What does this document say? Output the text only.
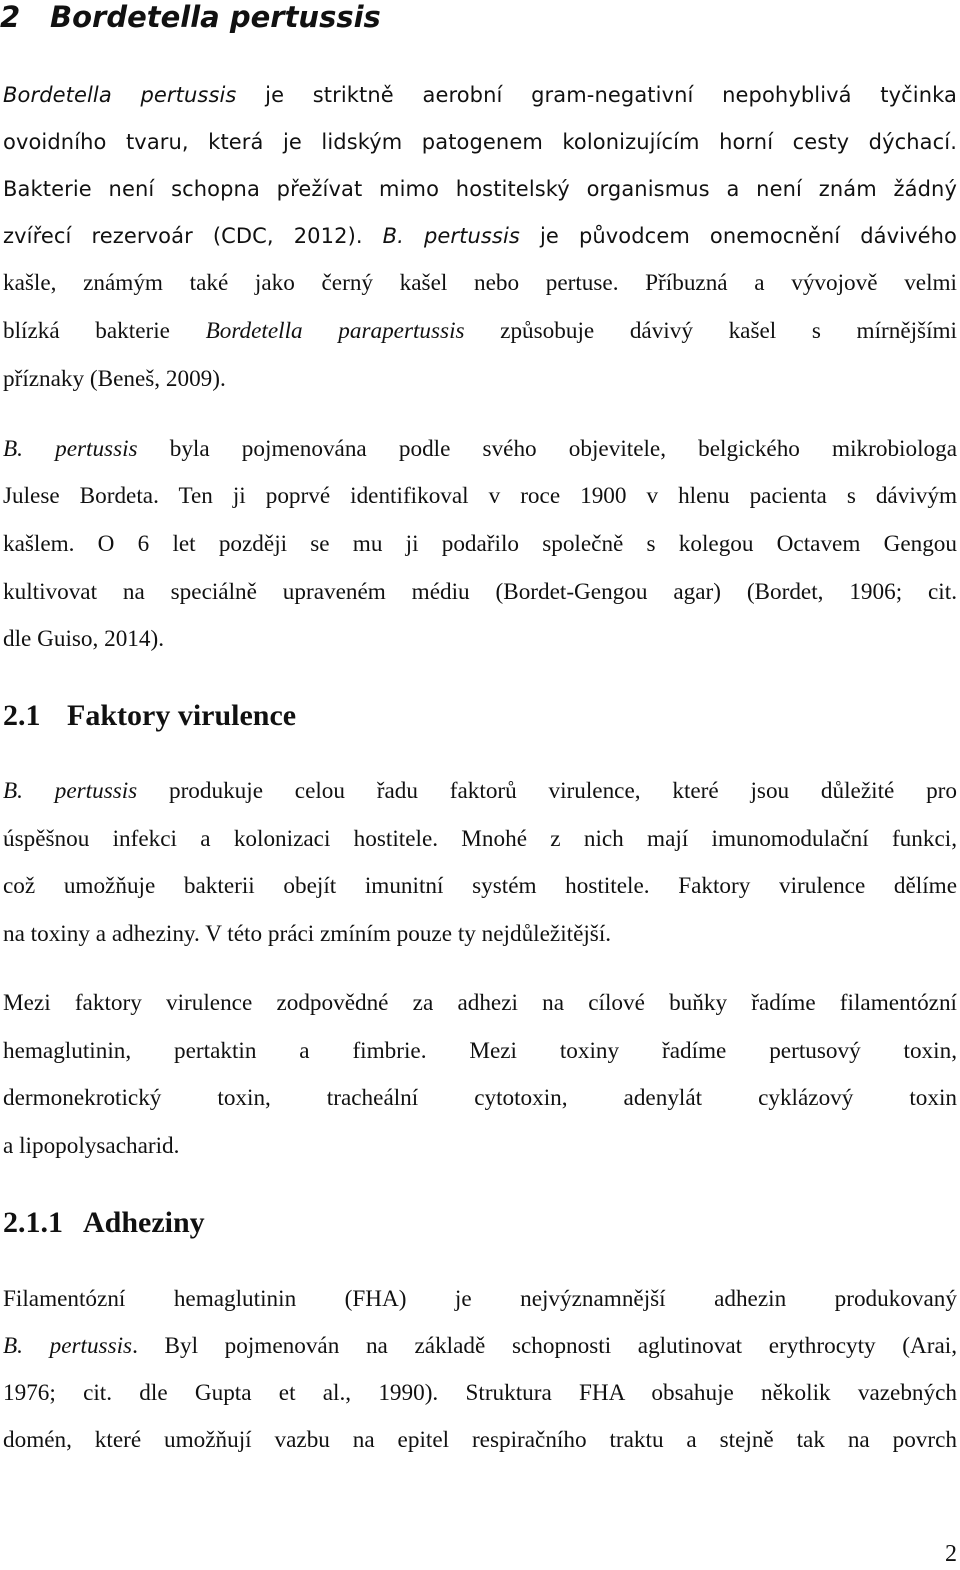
2 Bordetella pertussis
Bordetella pertussis je striktně aerobní gram-negativní nepohyblivá tyčinka
ovoidního tvaru, která je lidským patogenem kolonizujícím horní cesty dýchací.
Bakterie není schopna přežívat mimo hostitelský organismus a není znám žádný
zvířecí rezervoár (CDC, 2012). B. pertussis je původcem onemocnění dávivého
kašle, známým také jako černý kašel nebo pertuse. Příbuzná a vývojově velmi
blízká bakterie Bordetella parapertussis způsobuje dávivý kašel s mírnějšími
příznaky (Beneš, 2009).
B. pertussis byla pojmenována podle svého objevitele, belgického mikrobiologa
Julese Bordeta. Ten ji poprvé identifikoval v roce 1900 v hlenu pacienta s dávivým
kašlem. O 6 let později se mu ji podařilo společně s kolegou Octavem Gengou
kultivovat na speciálně upraveném médiu (Bordet-Gengou agar) (Bordet, 1906; cit.
dle Guiso, 2014).
2.1 Faktory virulence
B. pertussis produkuje celou řadu faktorů virulence, které jsou důležité pro
úspěšnou infekci a kolonizaci hostitele. Mnohé z nich mají imunomodulační funkci,
což umožňuje bakterii obejít imunitní systém hostitele. Faktory virulence dělíme
na toxiny a adheziny. V této práci zmíním pouze ty nejdůležitější.
Mezi faktory virulence zodpovědné za adhezi na cílové buňky řadíme filamentózní
hemaglutinin, pertaktin a fimbrie. Mezi toxiny řadíme pertusový toxin,
dermonekrotický toxin, tracheální cytotoxin, adenylát cyklázový toxin
a lipopolysacharid.
2.1.1 Adheziny
Filamentózní hemaglutinin (FHA) je nejvýznamnější adhezin produkovaný
B. pertussis. Byl pojmenován na základě schopnosti aglutinovat erythrocyty (Arai,
1976; cit. dle Gupta et al., 1990). Struktura FHA obsahuje několik vazebných
domén, které umožňují vazbu na epitel respiračního traktu a stejně tak na povrch
2
